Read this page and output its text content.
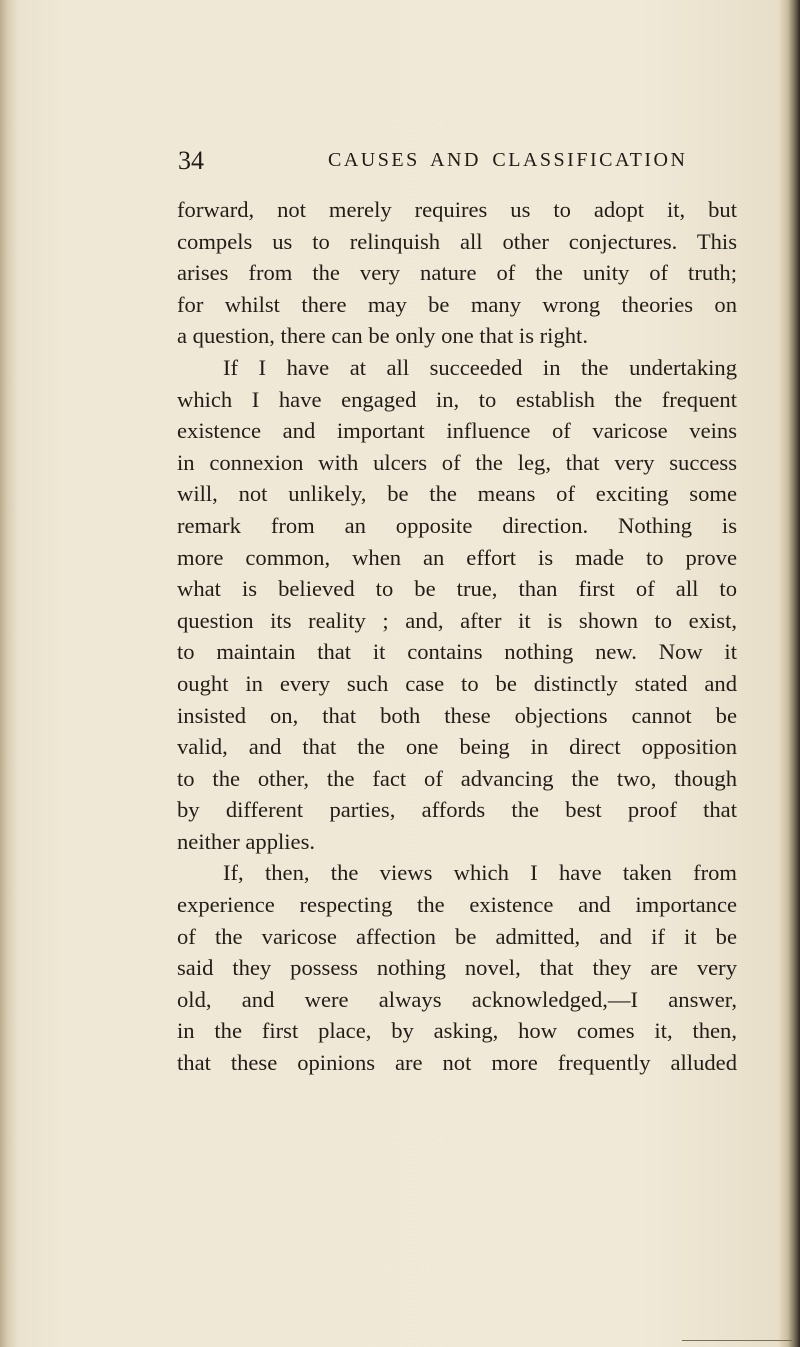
34	CAUSES AND CLASSIFICATION
forward, not merely requires us to adopt it, but
compels us to relinquish all other conjectures. This
arises from the very nature of the unity of truth;
for whilst there may be many wrong theories on
a question, there can be only one that is right.
If I have at all succeeded in the undertaking
which I have engaged in, to establish the frequent
existence and important influence of varicose veins
in connexion with ulcers of the leg, that very success
will, not unlikely, be the means of exciting some
remark from an opposite direction. Nothing is
more common, when an effort is made to prove
what is believed to be true, than first of all to
question its reality ; and, after it is shown to exist,
to maintain that it contains nothing new. Now it
ought in every such case to be distinctly stated and
insisted on, that both these objections cannot be
valid, and that the one being in direct opposition
to the other, the fact of advancing the two, though
by different parties, affords the best proof that
neither applies.
If, then, the views which I have taken from
experience respecting the existence and importance
of the varicose affection be admitted, and if it be
said they possess nothing novel, that they are very
old, and were always acknowledged,—I answer,
in the first place, by asking, how comes it, then,
that these opinions are not more frequently alluded
